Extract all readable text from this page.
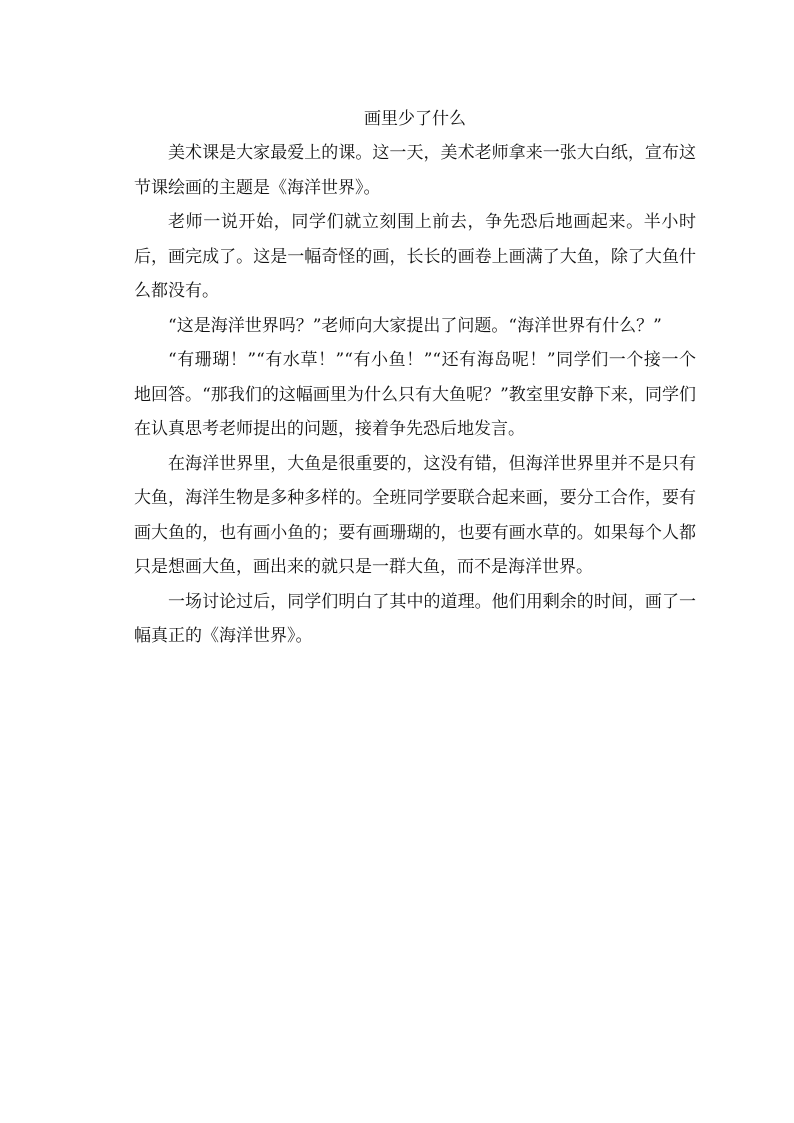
画里少了什么

美术课是大家最爱上的课。这一天，美术老师拿来一张大白纸，宣布这节课绘画的主题是《海洋世界》。

老师一说开始，同学们就立刻围上前去，争先恐后地画起来。半小时后，画完成了。这是一幅奇怪的画，长长的画卷上画满了大鱼，除了大鱼什么都没有。

“这是海洋世界吗？”老师向大家提出了问题。“海洋世界有什么？”

“有珊瑚！”“有水草！”“有小鱼！”“还有海岛呢！”同学们一个接一个地回答。“那我们的这幅画里为什么只有大鱼呢？”教室里安静下来，同学们在认真思考老师提出的问题，接着争先恐后地发言。

在海洋世界里，大鱼是很重要的，这没有错，但海洋世界里并不是只有大鱼，海洋生物是多种多样的。全班同学要联合起来画，要分工合作，要有画大鱼的，也有画小鱼的；要有画珊瑚的，也要有画水草的。如果每个人都只是想画大鱼，画出来的就只是一群大鱼，而不是海洋世界。

一场讨论过后，同学们明白了其中的道理。他们用剩余的时间，画了一幅真正的《海洋世界》。
